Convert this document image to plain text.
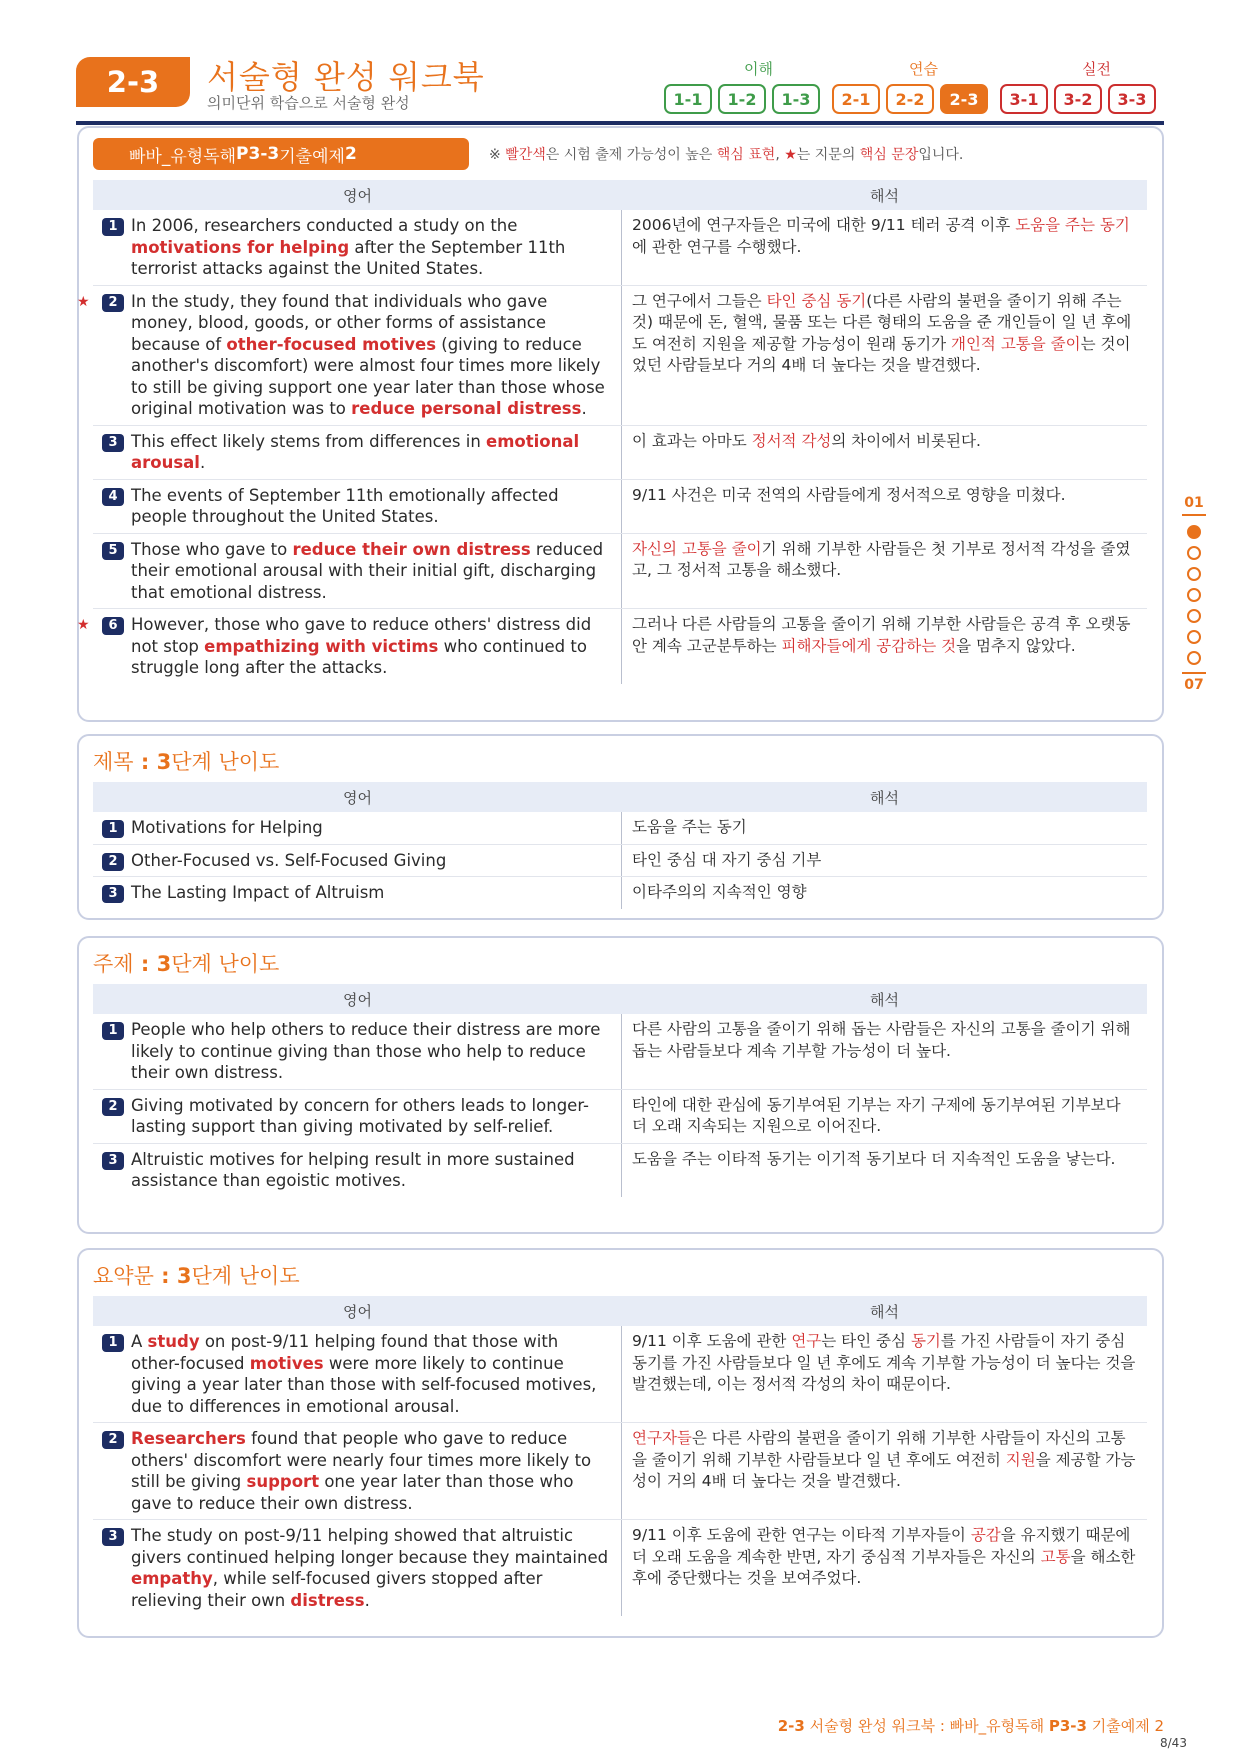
2-3	서술형 완성 워크북
의미단위 학습으로 서술형 완성
이해	연습	실전
1-1	1-2	1-3	2-1	2-2	2-3	3-1	3-2	3-3
01
07
빠바_유형독해 P3-3 기출예제 2	※ 빨간색은 시험 출제 가능성이 높은 핵심 표현, ★는 지문의 핵심 문장입니다.
영어	해석
1 In 2006, researchers conducted a study on the motivations for helping after the September 11th terrorist attacks against the United States.
2006년에 연구자들은 미국에 대한 9/11 테러 공격 이후 도움을 주는 동기에 관한 연구를 수행했다.
★	2 In the study, they found that individuals who gave money, blood, goods, or other forms of assistance because of other-focused motives (giving to reduce another's discomfort) were almost four times more likely to still be giving support one year later than those whose original motivation was to reduce personal distress.
그 연구에서 그들은 타인 중심 동기(다른 사람의 불편을 줄이기 위해 주는 것) 때문에 돈, 혈액, 물품 또는 다른 형태의 도움을 준 개인들이 일 년 후에도 여전히 지원을 제공할 가능성이 원래 동기가 개인적 고통을 줄이는 것이었던 사람들보다 거의 4배 더 높다는 것을 발견했다.
3 This effect likely stems from differences in emotional arousal.
이 효과는 아마도 정서적 각성의 차이에서 비롯된다.
4 The events of September 11th emotionally affected people throughout the United States.
9/11 사건은 미국 전역의 사람들에게 정서적으로 영향을 미쳤다.
5 Those who gave to reduce their own distress reduced their emotional arousal with their initial gift, discharging that emotional distress.
자신의 고통을 줄이기 위해 기부한 사람들은 첫 기부로 정서적 각성을 줄였고, 그 정서적 고통을 해소했다.
★	6 However, those who gave to reduce others' distress did not stop empathizing with victims who continued to struggle long after the attacks.
그러나 다른 사람들의 고통을 줄이기 위해 기부한 사람들은 공격 후 오랫동안 계속 고군분투하는 피해자들에게 공감하는 것을 멈추지 않았다.
제목 : 3단계 난이도
영어	해석
1 Motivations for Helping	도움을 주는 동기
2 Other-Focused vs. Self-Focused Giving	타인 중심 대 자기 중심 기부
3 The Lasting Impact of Altruism	이타주의의 지속적인 영향
주제 : 3단계 난이도
영어	해석
1 People who help others to reduce their distress are more likely to continue giving than those who help to reduce their own distress.
다른 사람의 고통을 줄이기 위해 돕는 사람들은 자신의 고통을 줄이기 위해 돕는 사람들보다 계속 기부할 가능성이 더 높다.
2 Giving motivated by concern for others leads to longer-lasting support than giving motivated by self-relief.
타인에 대한 관심에 동기부여된 기부는 자기 구제에 동기부여된 기부보다 더 오래 지속되는 지원으로 이어진다.
3 Altruistic motives for helping result in more sustained assistance than egoistic motives.
도움을 주는 이타적 동기는 이기적 동기보다 더 지속적인 도움을 낳는다.
요약문 : 3단계 난이도
영어	해석
1 A study on post-9/11 helping found that those with other-focused motives were more likely to continue giving a year later than those with self-focused motives, due to differences in emotional arousal.
9/11 이후 도움에 관한 연구는 타인 중심 동기를 가진 사람들이 자기 중심 동기를 가진 사람들보다 일 년 후에도 계속 기부할 가능성이 더 높다는 것을 발견했는데, 이는 정서적 각성의 차이 때문이다.
2 Researchers found that people who gave to reduce others' discomfort were nearly four times more likely to still be giving support one year later than those who gave to reduce their own distress.
연구자들은 다른 사람의 불편을 줄이기 위해 기부한 사람들이 자신의 고통을 줄이기 위해 기부한 사람들보다 일 년 후에도 여전히 지원을 제공할 가능성이 거의 4배 더 높다는 것을 발견했다.
3 The study on post-9/11 helping showed that altruistic givers continued helping longer because they maintained empathy, while self-focused givers stopped after relieving their own distress.
9/11 이후 도움에 관한 연구는 이타적 기부자들이 공감을 유지했기 때문에 더 오래 도움을 계속한 반면, 자기 중심적 기부자들은 자신의 고통을 해소한 후에 중단했다는 것을 보여주었다.
2-3 서술형 완성 워크북 : 빠바_유형독해 P3-3 기출예제 2
8/43
